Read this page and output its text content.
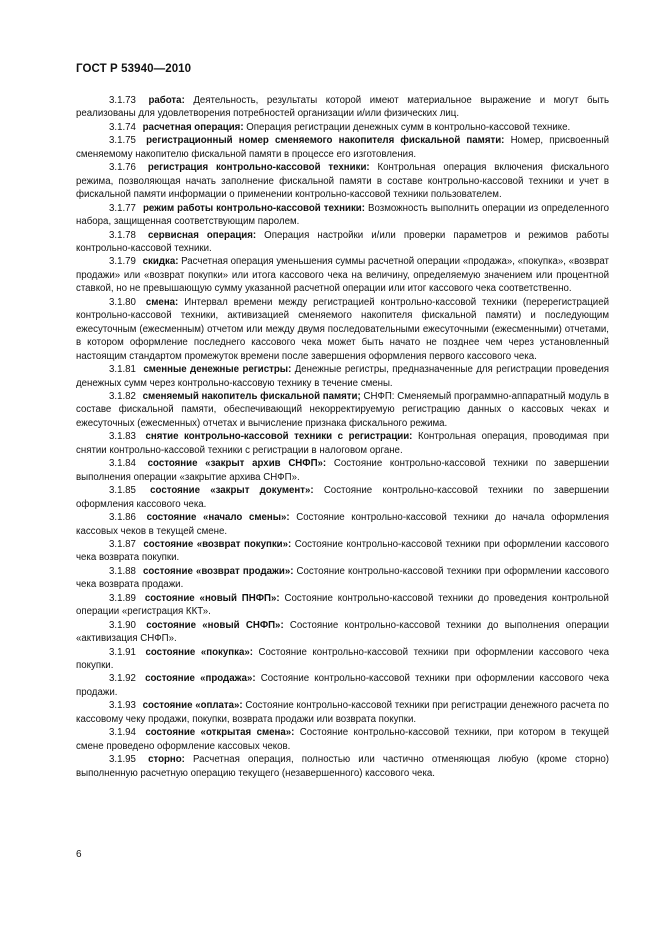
ГОСТ Р 53940—2010

3.1.73 работа: Деятельность, результаты которой имеют материальное выражение и могут быть реализованы для удовлетворения потребностей организации и/или физических лиц.

3.1.74 расчетная операция: Операция регистрации денежных сумм в контрольно-кассовой технике.

3.1.75 регистрационный номер сменяемого накопителя фискальной памяти: Номер, присвоенный сменяемому накопителю фискальной памяти в процессе его изготовления.

3.1.76 регистрация контрольно-кассовой техники: Контрольная операция включения фискального режима, позволяющая начать заполнение фискальной памяти в составе контрольно-кассовой техники и учет в фискальной памяти информации о применении контрольно-кассовой техники пользователем.

3.1.77 режим работы контрольно-кассовой техники: Возможность выполнить операции из определенного набора, защищенная соответствующим паролем.

3.1.78 сервисная операция: Операция настройки и/или проверки параметров и режимов работы контрольно-кассовой техники.

3.1.79 скидка: Расчетная операция уменьшения суммы расчетной операции «продажа», «покупка», «возврат продажи» или «возврат покупки» или итога кассового чека на величину, определяемую значением или процентной ставкой, но не превышающую сумму указанной расчетной операции или итог кассового чека соответственно.

3.1.80 смена: Интервал времени между регистрацией контрольно-кассовой техники (перерегистрацией контрольно-кассовой техники, активизацией сменяемого накопителя фискальной памяти) и последующим ежесуточным (ежесменным) отчетом или между двумя последовательными ежесуточными (ежесменными) отчетами, в котором оформление последнего кассового чека может быть начато не позднее чем через установленный настоящим стандартом промежуток времени после завершения оформления первого кассового чека.

3.1.81 сменные денежные регистры: Денежные регистры, предназначенные для регистрации проведения денежных сумм через контрольно-кассовую технику в течение смены.

3.1.82 сменяемый накопитель фискальной памяти; СНФП: Сменяемый программно-аппаратный модуль в составе фискальной памяти, обеспечивающий некорректируемую регистрацию данных о кассовых чеках и ежесуточных (ежесменных) отчетах и вычисление признака фискального режима.

3.1.83 снятие контрольно-кассовой техники с регистрации: Контрольная операция, проводимая при снятии контрольно-кассовой техники с регистрации в налоговом органе.

3.1.84 состояние «закрыт архив СНФП»: Состояние контрольно-кассовой техники по завершении выполнения операции «закрытие архива СНФП».

3.1.85 состояние «закрыт документ»: Состояние контрольно-кассовой техники по завершении оформления кассового чека.

3.1.86 состояние «начало смены»: Состояние контрольно-кассовой техники до начала оформления кассовых чеков в текущей смене.

3.1.87 состояние «возврат покупки»: Состояние контрольно-кассовой техники при оформлении кассового чека возврата покупки.

3.1.88 состояние «возврат продажи»: Состояние контрольно-кассовой техники при оформлении кассового чека возврата продажи.

3.1.89 состояние «новый ПНФП»: Состояние контрольно-кассовой техники до проведения контрольной операции «регистрация ККТ».

3.1.90 состояние «новый СНФП»: Состояние контрольно-кассовой техники до выполнения операции «активизация СНФП».

3.1.91 состояние «покупка»: Состояние контрольно-кассовой техники при оформлении кассового чека покупки.

3.1.92 состояние «продажа»: Состояние контрольно-кассовой техники при оформлении кассового чека продажи.

3.1.93 состояние «оплата»: Состояние контрольно-кассовой техники при регистрации денежного расчета по кассовому чеку продажи, покупки, возврата продажи или возврата покупки.

3.1.94 состояние «открытая смена»: Состояние контрольно-кассовой техники, при котором в текущей смене проведено оформление кассовых чеков.

3.1.95 сторно: Расчетная операция, полностью или частично отменяющая любую (кроме сторно) выполненную расчетную операцию текущего (незавершенного) кассового чека.

6
